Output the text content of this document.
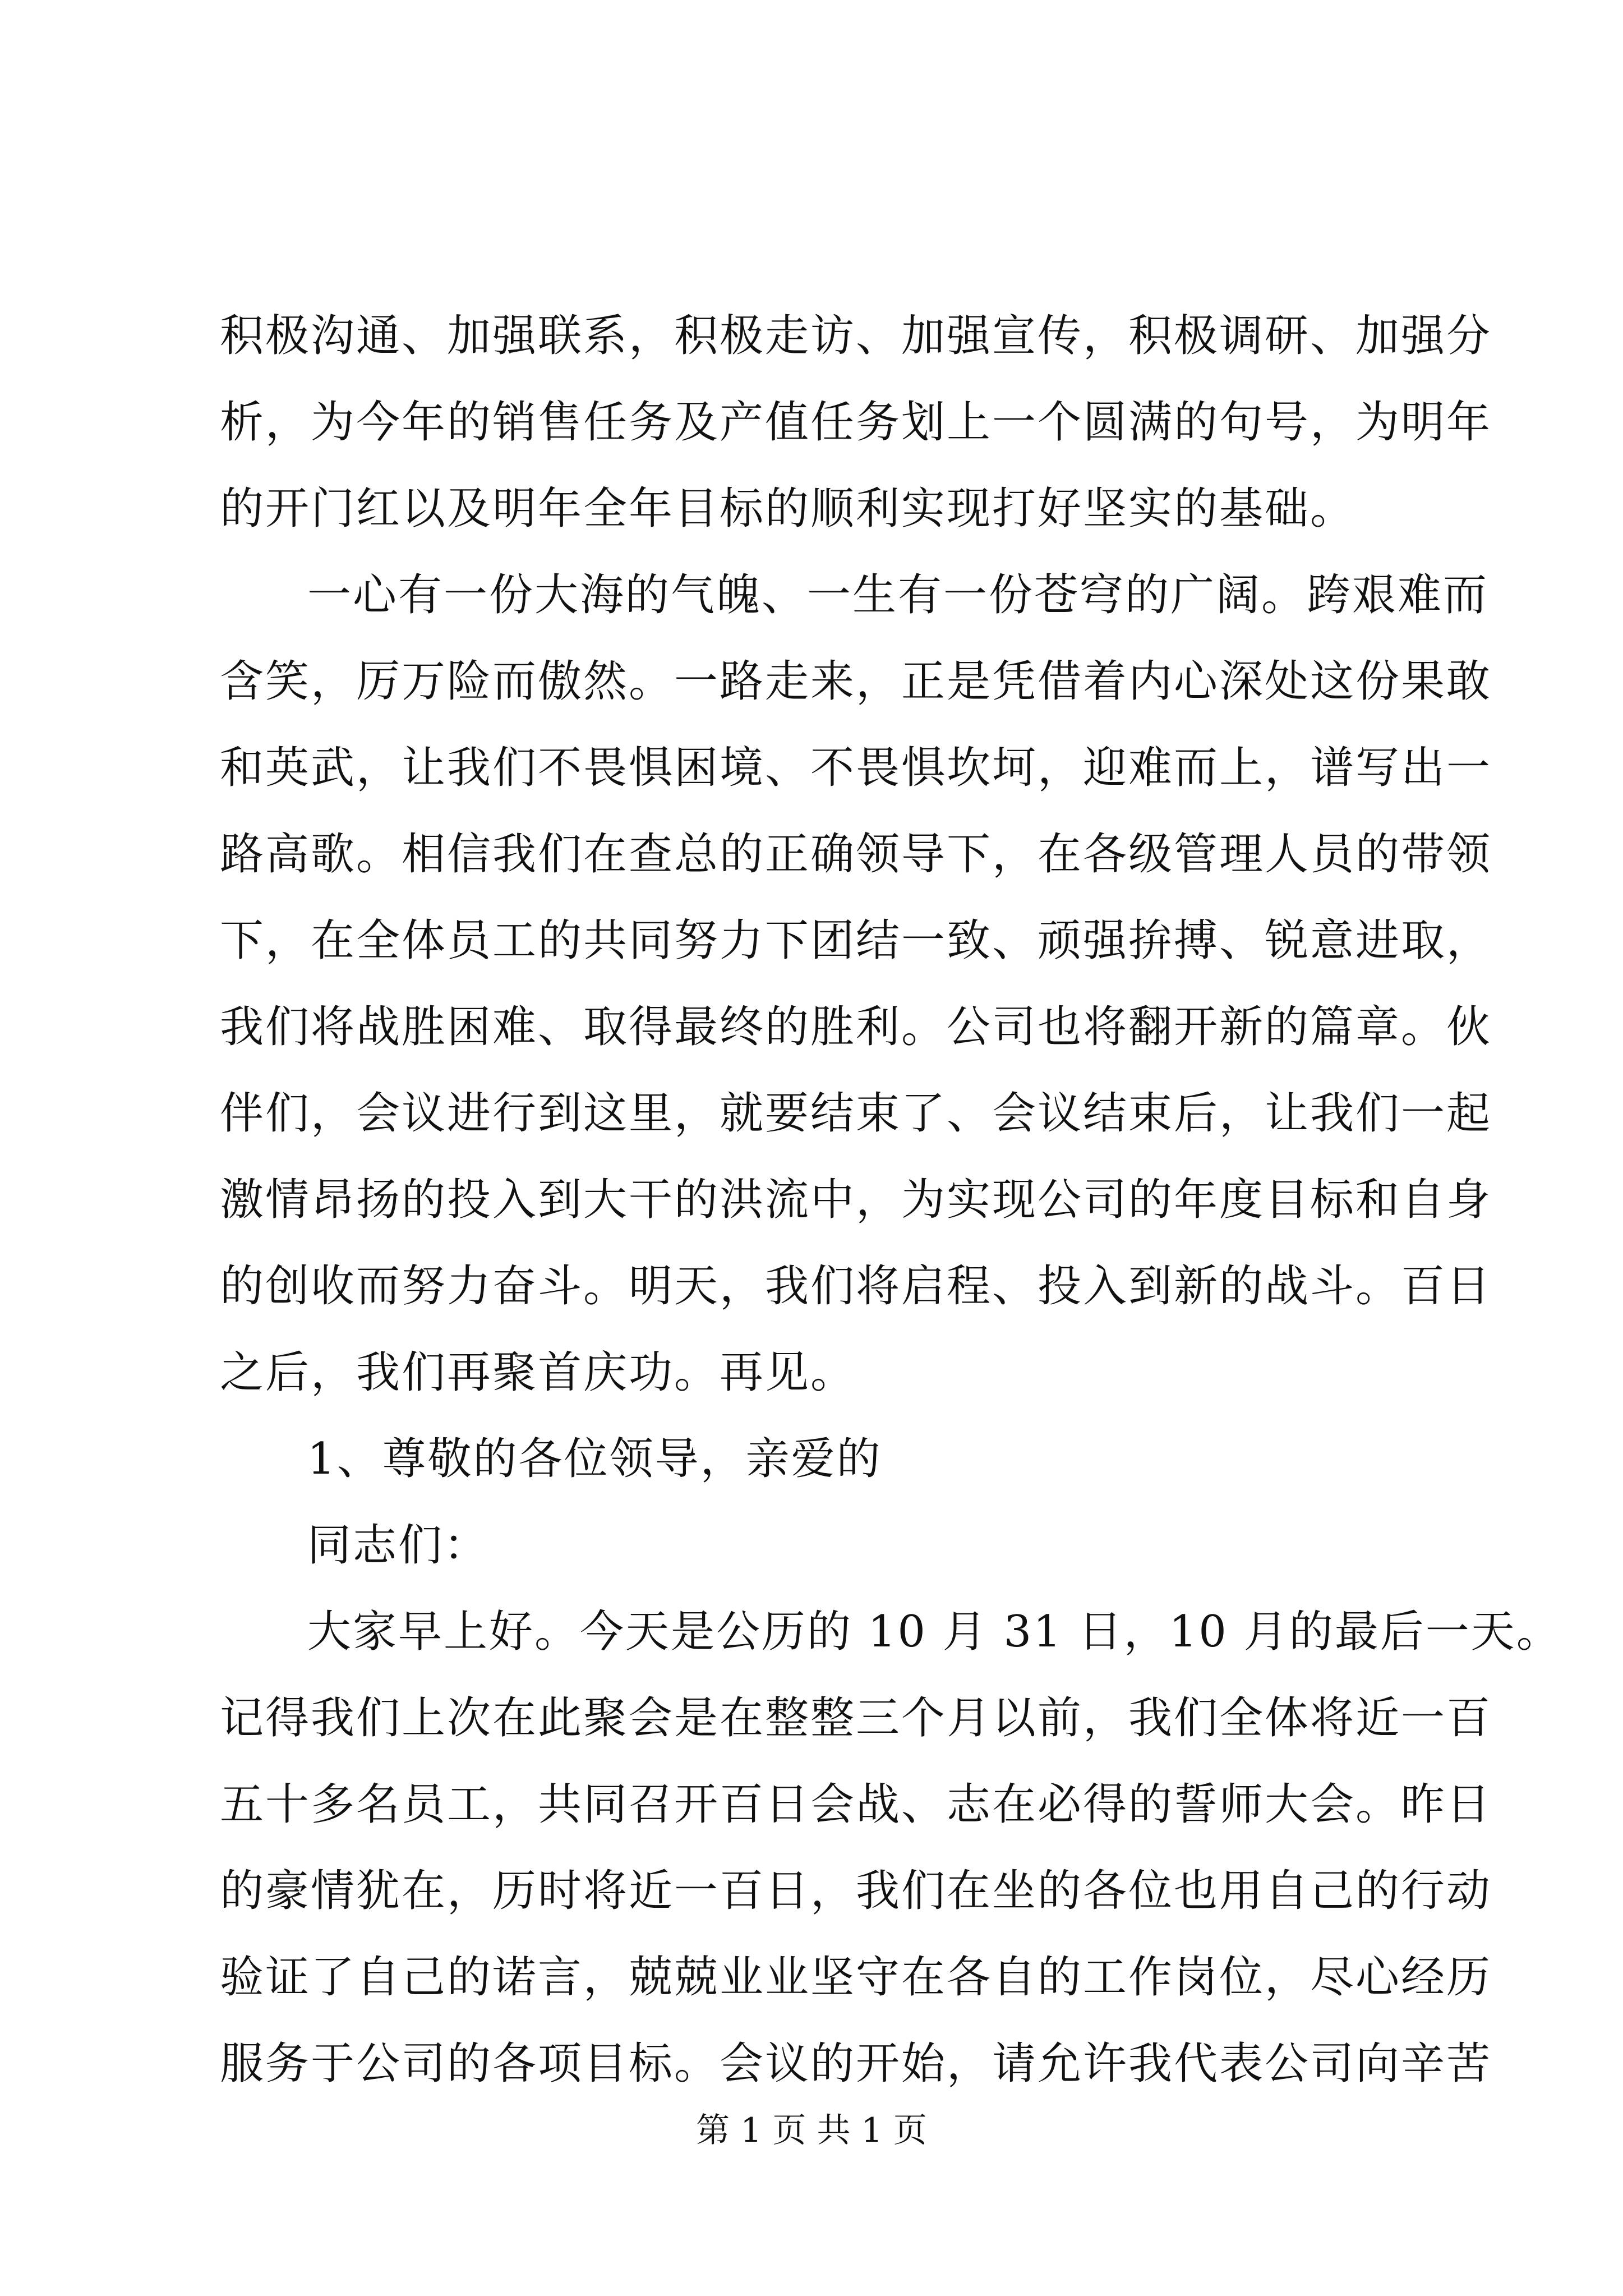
积极沟通、加强联系，积极走访、加强宣传，积极调研、加强分
析，为今年的销售任务及产值任务划上一个圆满的句号，为明年
的开门红以及明年全年目标的顺利实现打好坚实的基础。
一心有一份大海的气魄、一生有一份苍穹的广阔。跨艰难而
含笑，厉万险而傲然。一路走来，正是凭借着内心深处这份果敢
和英武，让我们不畏惧困境、不畏惧坎坷，迎难而上，谱写出一
路高歌。相信我们在查总的正确领导下，在各级管理人员的带领
下，在全体员工的共同努力下团结一致、顽强拚搏、锐意进取，
我们将战胜困难、取得最终的胜利。公司也将翻开新的篇章。伙
伴们，会议进行到这里，就要结束了、会议结束后，让我们一起
激情昂扬的投入到大干的洪流中，为实现公司的年度目标和自身
的创收而努力奋斗。明天，我们将启程、投入到新的战斗。百日
之后，我们再聚首庆功。再见。
1、尊敬的各位领导，亲爱的
同志们：
大家早上好。今天是公历的 10 月 31 日，10 月的最后一天。
记得我们上次在此聚会是在整整三个月以前，我们全体将近一百
五十多名员工，共同召开百日会战、志在必得的誓师大会。昨日
的豪情犹在，历时将近一百日，我们在坐的各位也用自己的行动
验证了自己的诺言，兢兢业业坚守在各自的工作岗位，尽心经历
服务于公司的各项目标。会议的开始，请允许我代表公司向辛苦
第 1 页 共 1 页
